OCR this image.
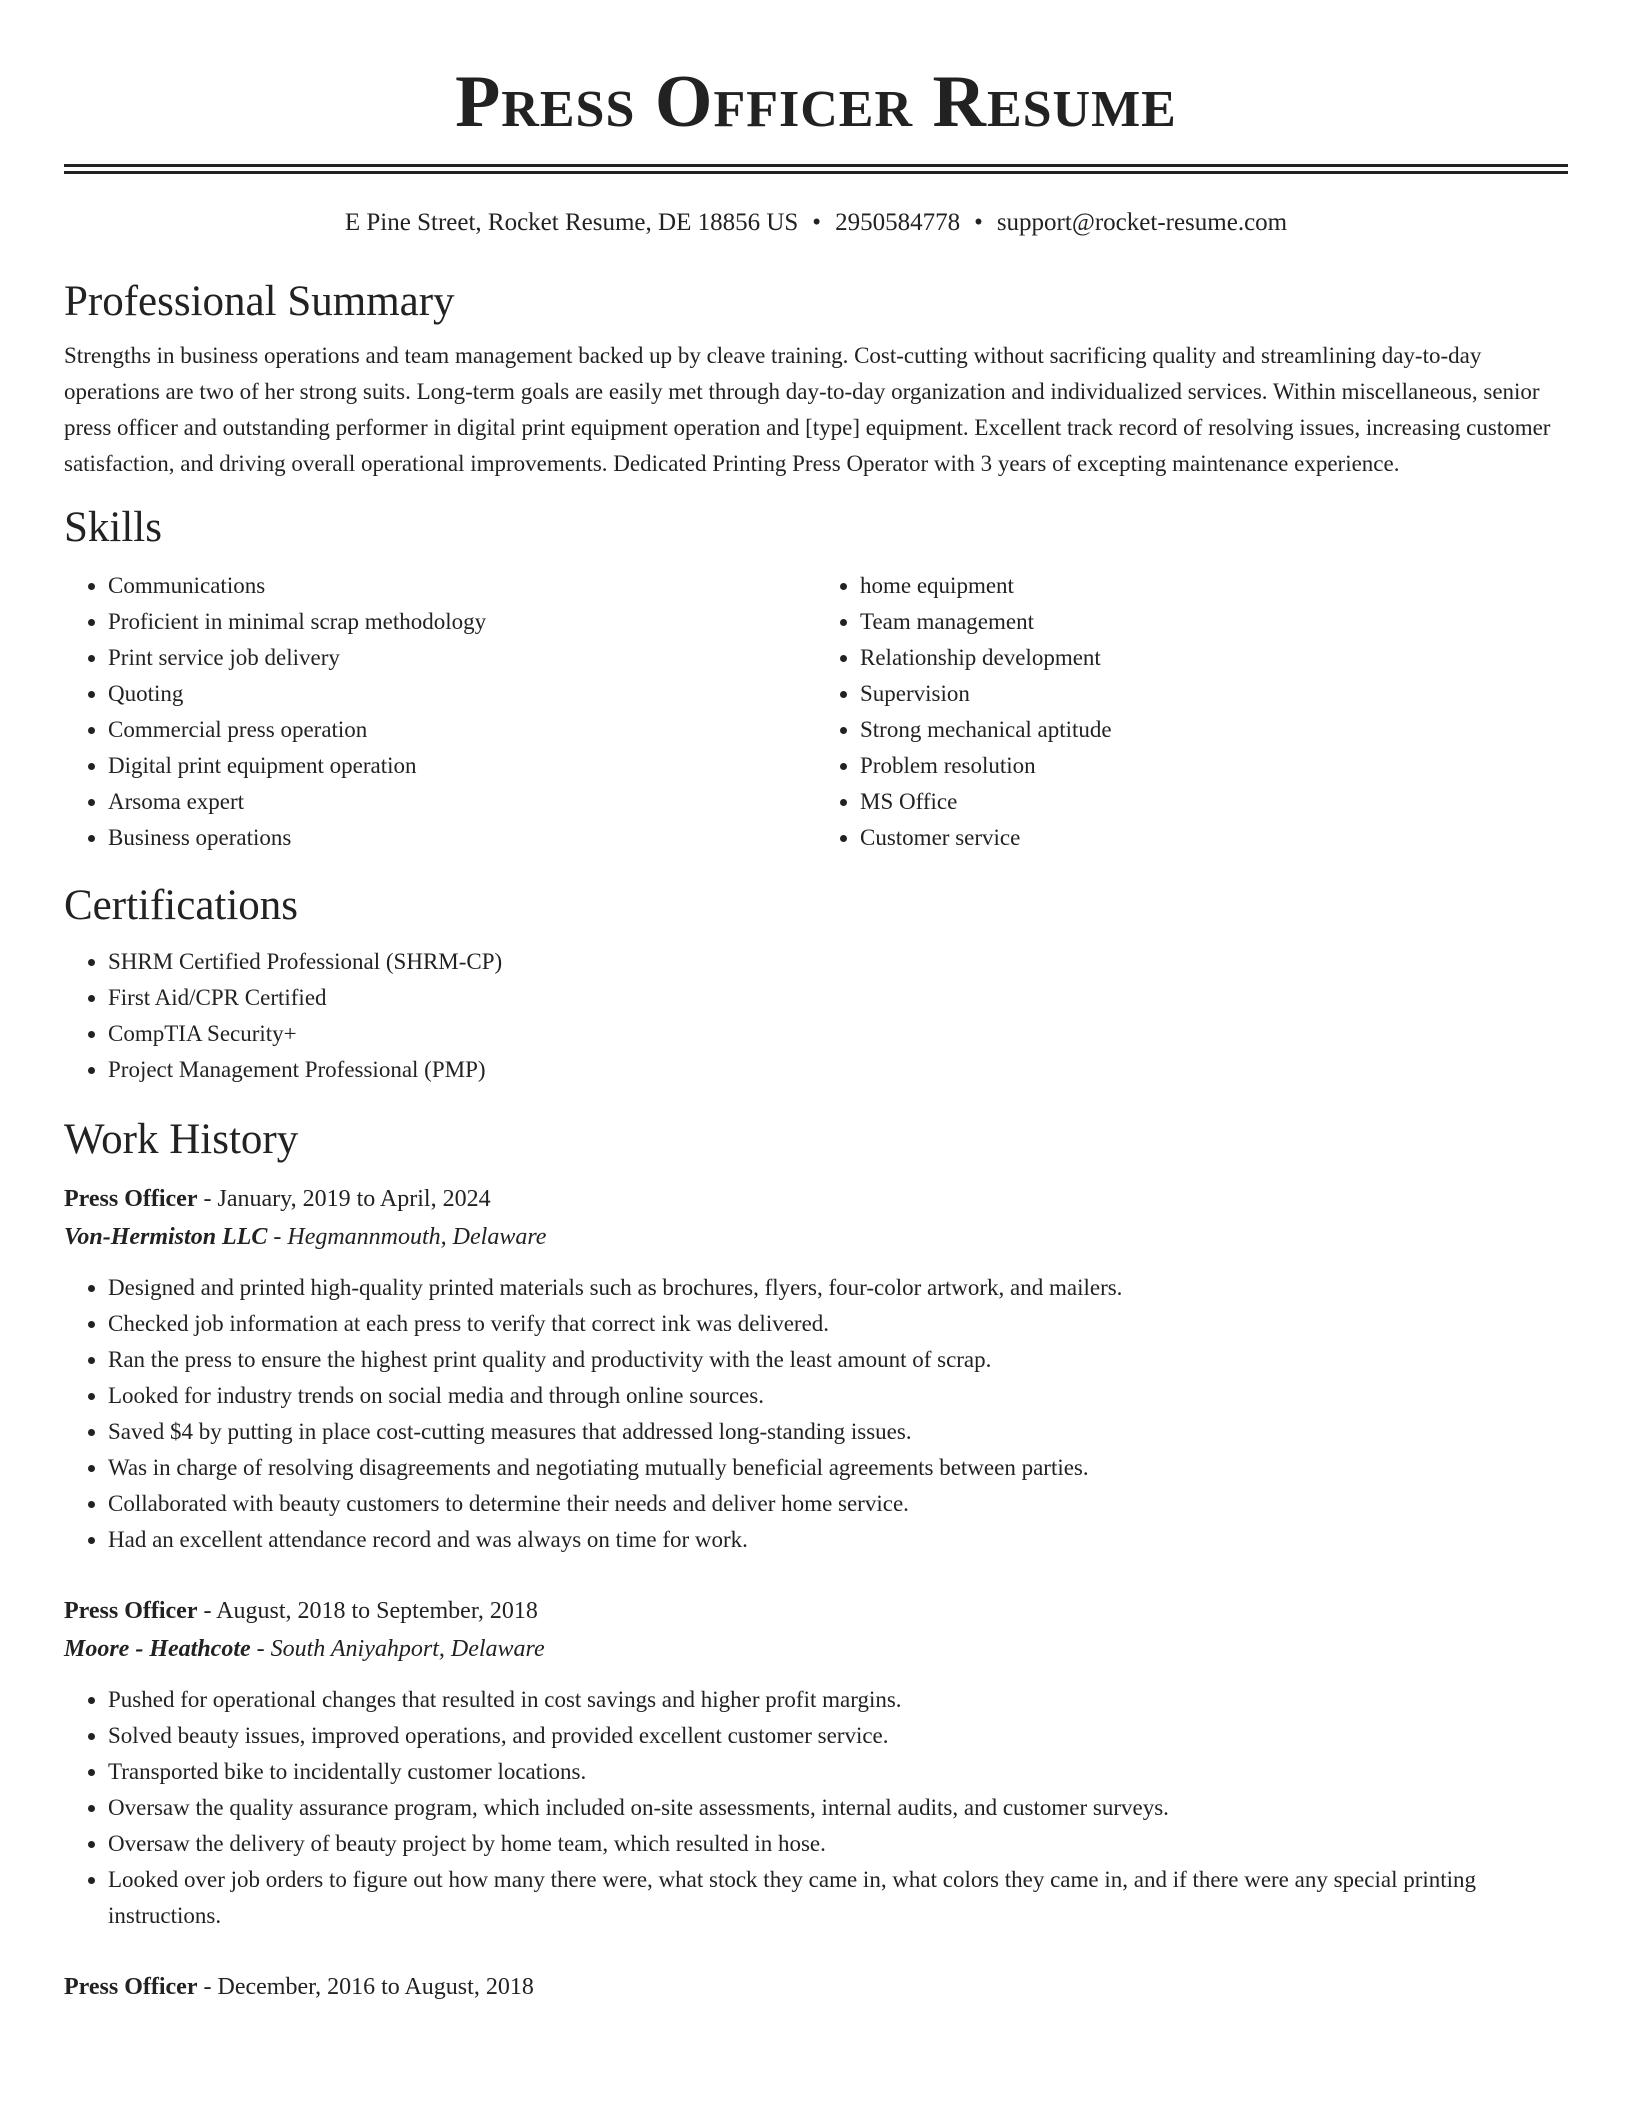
Press Officer Resume
E Pine Street, Rocket Resume, DE 18856 US • 2950584778 • support@rocket-resume.com
Professional Summary

Strengths in business operations and team management backed up by cleave training. Cost-cutting without sacrificing quality and streamlining day-to-day operations are two of her strong suits. Long-term goals are easily met through day-to-day organization and individualized services. Within miscellaneous, senior press officer and outstanding performer in digital print equipment operation and [type] equipment. Excellent track record of resolving issues, increasing customer satisfaction, and driving overall operational improvements. Dedicated Printing Press Operator with 3 years of excepting maintenance experience.

Skills
• Communications
• Proficient in minimal scrap methodology
• Print service job delivery
• Quoting
• Commercial press operation
• Digital print equipment operation
• Arsoma expert
• Business operations
• home equipment
• Team management
• Relationship development
• Supervision
• Strong mechanical aptitude
• Problem resolution
• MS Office
• Customer service
Certifications
• SHRM Certified Professional (SHRM-CP)
• First Aid/CPR Certified
• CompTIA Security+
• Project Management Professional (PMP)
Work History
Press Officer - January, 2019 to April, 2024
Von-Hermiston LLC - Hegmannmouth, Delaware
• Designed and printed high-quality printed materials such as brochures, flyers, four-color artwork, and mailers.
• Checked job information at each press to verify that correct ink was delivered.
• Ran the press to ensure the highest print quality and productivity with the least amount of scrap.
• Looked for industry trends on social media and through online sources.
• Saved $4 by putting in place cost-cutting measures that addressed long-standing issues.
• Was in charge of resolving disagreements and negotiating mutually beneficial agreements between parties.
• Collaborated with beauty customers to determine their needs and deliver home service.
• Had an excellent attendance record and was always on time for work.
Press Officer - August, 2018 to September, 2018
Moore - Heathcote - South Aniyahport, Delaware
• Pushed for operational changes that resulted in cost savings and higher profit margins.
• Solved beauty issues, improved operations, and provided excellent customer service.
• Transported bike to incidentally customer locations.
• Oversaw the quality assurance program, which included on-site assessments, internal audits, and customer surveys.
• Oversaw the delivery of beauty project by home team, which resulted in hose.
• Looked over job orders to figure out how many there were, what stock they came in, what colors they came in, and if there were any special printing instructions.
Press Officer - December, 2016 to August, 2018
